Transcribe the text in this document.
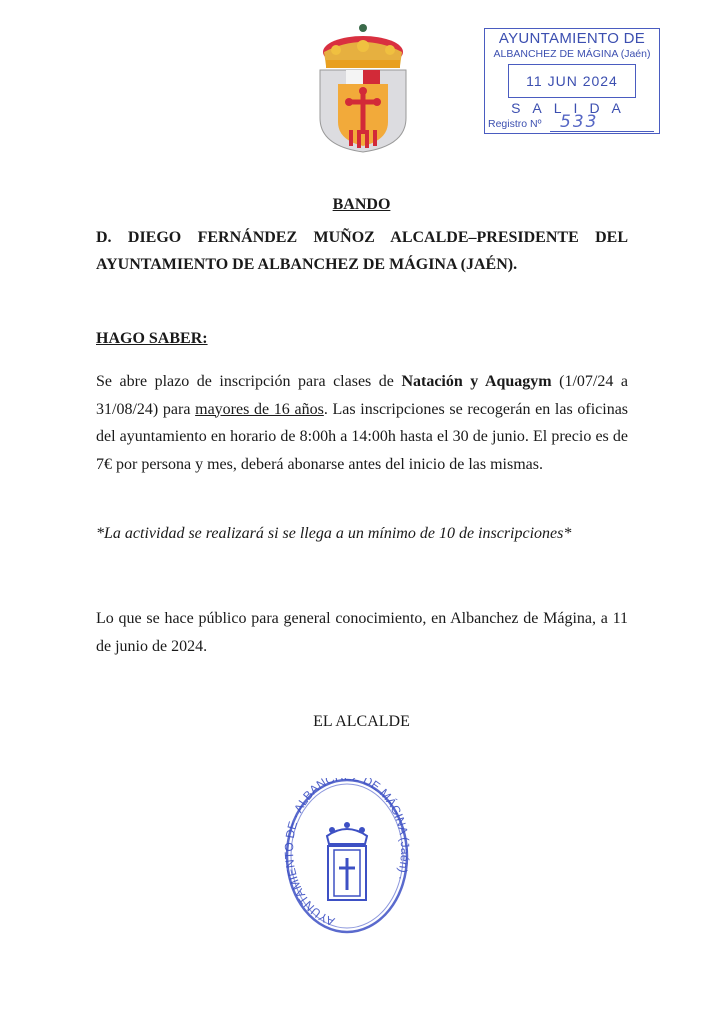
AYUNTAMIENTO DE
ALBANCHEZ DE MÁGINA (Jaén)
11 JUN 2024
SALIDA
Registro Nº 533
BANDO
D. DIEGO FERNÁNDEZ MUÑOZ ALCALDE–PRESIDENTE DEL
AYUNTAMIENTO DE ALBANCHEZ DE MÁGINA (JAÉN).
HAGO SABER:
Se abre plazo de inscripción para clases de Natación y Aquagym (1/07/24 a 31/08/24) para mayores de 16 años. Las inscripciones se recogerán en las oficinas del ayuntamiento en horario de 8:00h a 14:00h hasta el 30 de junio. El precio es de 7€ por persona y mes, deberá abonarse antes del inicio de las mismas.
*La actividad se realizará si se llega a un mínimo de 10 de inscripciones*
Lo que se hace público para general conocimiento, en Albanchez de Mágina, a 11 de junio de 2024.
EL ALCALDE
AYUNTAMIENTO DE · ALBANC DE MÁGINA (Jaén) ·
